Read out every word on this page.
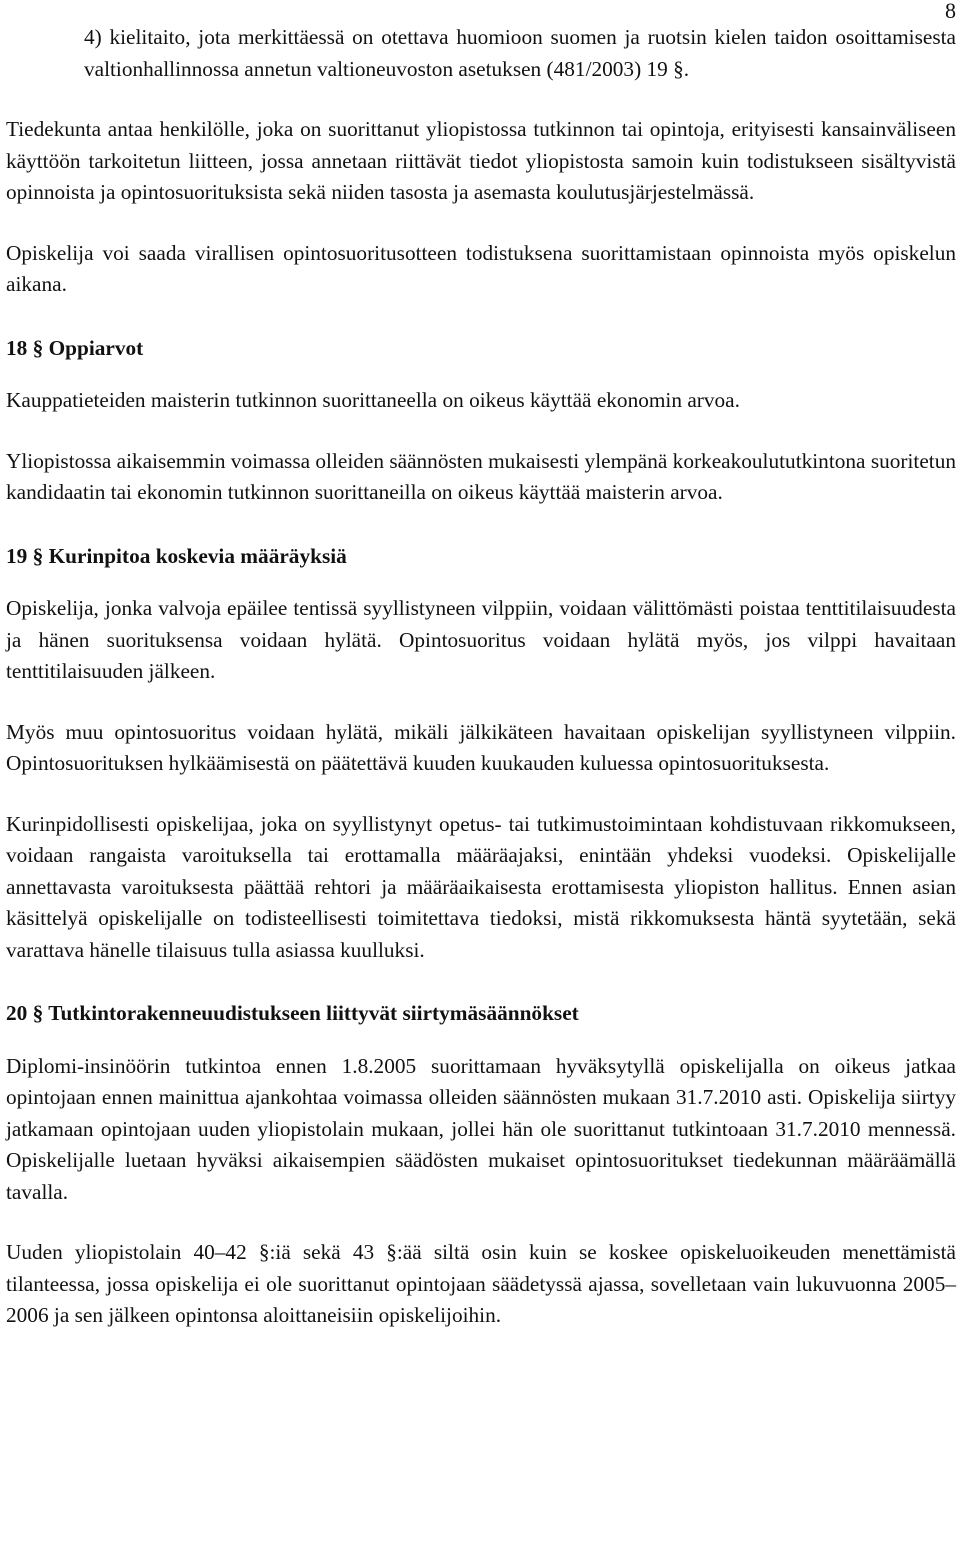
8

4) kielitaito, jota merkittäessä on otettava huomioon suomen ja ruotsin kielen taidon osoittamisesta valtionhallinnossa annetun valtioneuvoston asetuksen (481/2003) 19 §.

Tiedekunta antaa henkilölle, joka on suorittanut yliopistossa tutkinnon tai opintoja, erityisesti kansainväliseen käyttöön tarkoitetun liitteen, jossa annetaan riittävät tiedot yliopistosta samoin kuin todistukseen sisältyvistä opinnoista ja opintosuorituksista sekä niiden tasosta ja asemasta koulutusjärjestelmässä.

Opiskelija voi saada virallisen opintosuoritusotteen todistuksena suorittamistaan opinnoista myös opiskelun aikana.

18 § Oppiarvot

Kauppatieteiden maisterin tutkinnon suorittaneella on oikeus käyttää ekonomin arvoa.

Yliopistossa aikaisemmin voimassa olleiden säännösten mukaisesti ylempänä korkeakoulututkintona suoritetun kandidaatin tai ekonomin tutkinnon suorittaneilla on oikeus käyttää maisterin arvoa.

19 § Kurinpitoa koskevia määräyksiä

Opiskelija, jonka valvoja epäilee tentissä syyllistyneen vilppiin, voidaan välittömästi poistaa tenttitilaisuudesta ja hänen suorituksensa voidaan hylätä. Opintosuoritus voidaan hylätä myös, jos vilppi havaitaan tenttitilaisuuden jälkeen.

Myös muu opintosuoritus voidaan hylätä, mikäli jälkikäteen havaitaan opiskelijan syyllistyneen vilppiin. Opintosuorituksen hylkäämisestä on päätettävä kuuden kuukauden kuluessa opintosuorituksesta.

Kurinpidollisesti opiskelijaa, joka on syyllistynyt opetus- tai tutkimustoimintaan kohdistuvaan rikkomukseen, voidaan rangaista varoituksella tai erottamalla määräajaksi, enintään yhdeksi vuodeksi. Opiskelijalle annettavasta varoituksesta päättää rehtori ja määräaikaisesta erottamisesta yliopiston hallitus. Ennen asian käsittelyä opiskelijalle on todisteellisesti toimitettava tiedoksi, mistä rikkomuksesta häntä syytetään, sekä varattava hänelle tilaisuus tulla asiassa kuulluksi.

20 § Tutkintorakenneuudistukseen liittyvät siirtymäsäännökset

Diplomi-insinöörin tutkintoa ennen 1.8.2005 suorittamaan hyväksytyllä opiskelijalla on oikeus jatkaa opintojaan ennen mainittua ajankohtaa voimassa olleiden säännösten mukaan 31.7.2010 asti. Opiskelija siirtyy jatkamaan opintojaan uuden yliopistolain mukaan, jollei hän ole suorittanut tutkintoaan 31.7.2010 mennessä. Opiskelijalle luetaan hyväksi aikaisempien säädösten mukaiset opintosuoritukset tiedekunnan määräämällä tavalla.

Uuden yliopistolain 40–42 §:iä sekä 43 §:ää siltä osin kuin se koskee opiskeluoikeuden menettämistä tilanteessa, jossa opiskelija ei ole suorittanut opintojaan säädetyssä ajassa, sovelletaan vain lukuvuonna 2005–2006 ja sen jälkeen opintonsa aloittaneisiin opiskelijoihin.
